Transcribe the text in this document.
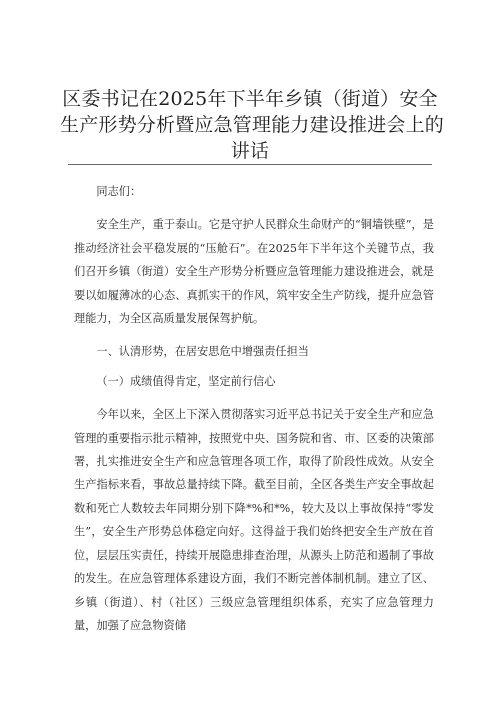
区委书记在2025年下半年乡镇（街道）安全
生产形势分析暨应急管理能力建设推进会上的
讲话

同志们：

安全生产，重于泰山。它是守护人民群众生命财产的“铜墙铁壁”，是推动经济社会平稳发展的“压舱石”。在2025年下半年这个关键节点，我们召开乡镇（街道）安全生产形势分析暨应急管理能力建设推进会，就是要以如履薄冰的心态、真抓实干的作风，筑牢安全生产防线，提升应急管理能力，为全区高质量发展保驾护航。

一、认清形势，在居安思危中增强责任担当

（一）成绩值得肯定，坚定前行信心

今年以来，全区上下深入贯彻落实习近平总书记关于安全生产和应急管理的重要指示批示精神，按照党中央、国务院和省、市、区委的决策部署，扎实推进安全生产和应急管理各项工作，取得了阶段性成效。从安全生产指标来看，事故总量持续下降。截至目前，全区各类生产安全事故起数和死亡人数较去年同期分别下降*%和*%，较大及以上事故保持“零发生”，安全生产形势总体稳定向好。这得益于我们始终把安全生产放在首位，层层压实责任，持续开展隐患排查治理，从源头上防范和遏制了事故的发生。在应急管理体系建设方面，我们不断完善体制机制。建立了区、乡镇（街道）、村（社区）三级应急管理组织体系，充实了应急管理力量，加强了应急物资储
